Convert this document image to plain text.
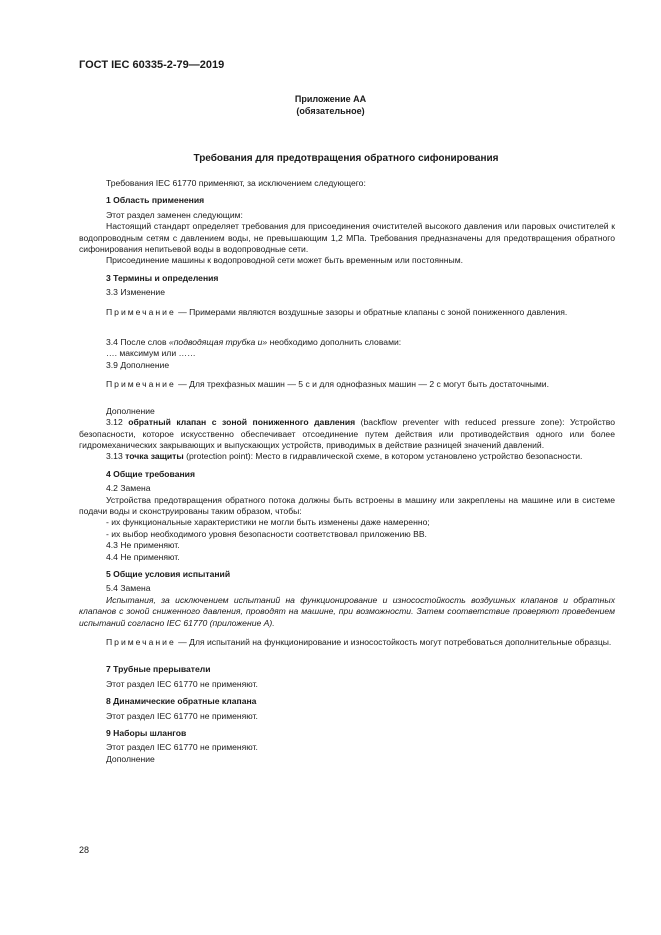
ГОСТ IEC 60335-2-79—2019
Приложение АА
(обязательное)
Требования для предотвращения обратного сифонирования

Требования IEC 61770 применяют, за исключением следующего:

1 Область применения

Этот раздел заменен следующим:

Настоящий стандарт определяет требования для присоединения очистителей высокого давления или паровых очистителей к водопроводным сетям с давлением воды, не превышающим 1,2 МПа. Требования предназначены для предотвращения обратного сифонирования непитьевой воды в водопроводные сети.

Присоединение машины к водопроводной сети может быть временным или постоянным.

3 Термины и определения

3.3 Изменение

Примечание — Примерами являются воздушные зазоры и обратные клапаны с зоной пониженного давления.

3.4 После слов «подводящая трубка и» необходимо дополнить словами:

…. максимум или ……

3.9 Дополнение

Примечание — Для трехфазных машин — 5 с и для однофазных машин — 2 с могут быть достаточными.

Дополнение

3.12 обратный клапан с зоной пониженного давления (backflow preventer with reduced pressure zone): Устройство безопасности, которое искусственно обеспечивает отсоединение путем действия или противодействия одного или более гидромеханических закрывающих и выпускающих устройств, приводимых в действие разницей значений давлений.

3.13 точка защиты (protection point): Место в гидравлической схеме, в котором установлено устройство безопасности.

4 Общие требования

4.2 Замена

Устройства предотвращения обратного потока должны быть встроены в машину или закреплены на машине или в системе подачи воды и сконструированы таким образом, чтобы:

- их функциональные характеристики не могли быть изменены даже намеренно;

- их выбор необходимого уровня безопасности соответствовал приложению ВВ.

4.3 Не применяют.

4.4 Не применяют.

5 Общие условия испытаний

5.4 Замена

Испытания, за исключением испытаний на функционирование и износостойкость воздушных клапанов и обратных клапанов с зоной сниженного давления, проводят на машине, при возможности. Затем соответствие проверяют проведением испытаний согласно IEC 61770 (приложение А).

Примечание — Для испытаний на функционирование и износостойкость могут потребоваться дополнительные образцы.

7 Трубные прерыватели

Этот раздел IEC 61770 не применяют.

8 Динамические обратные клапана

Этот раздел IEC 61770 не применяют.

9 Наборы шлангов

Этот раздел IEC 61770 не применяют.

Дополнение

28
